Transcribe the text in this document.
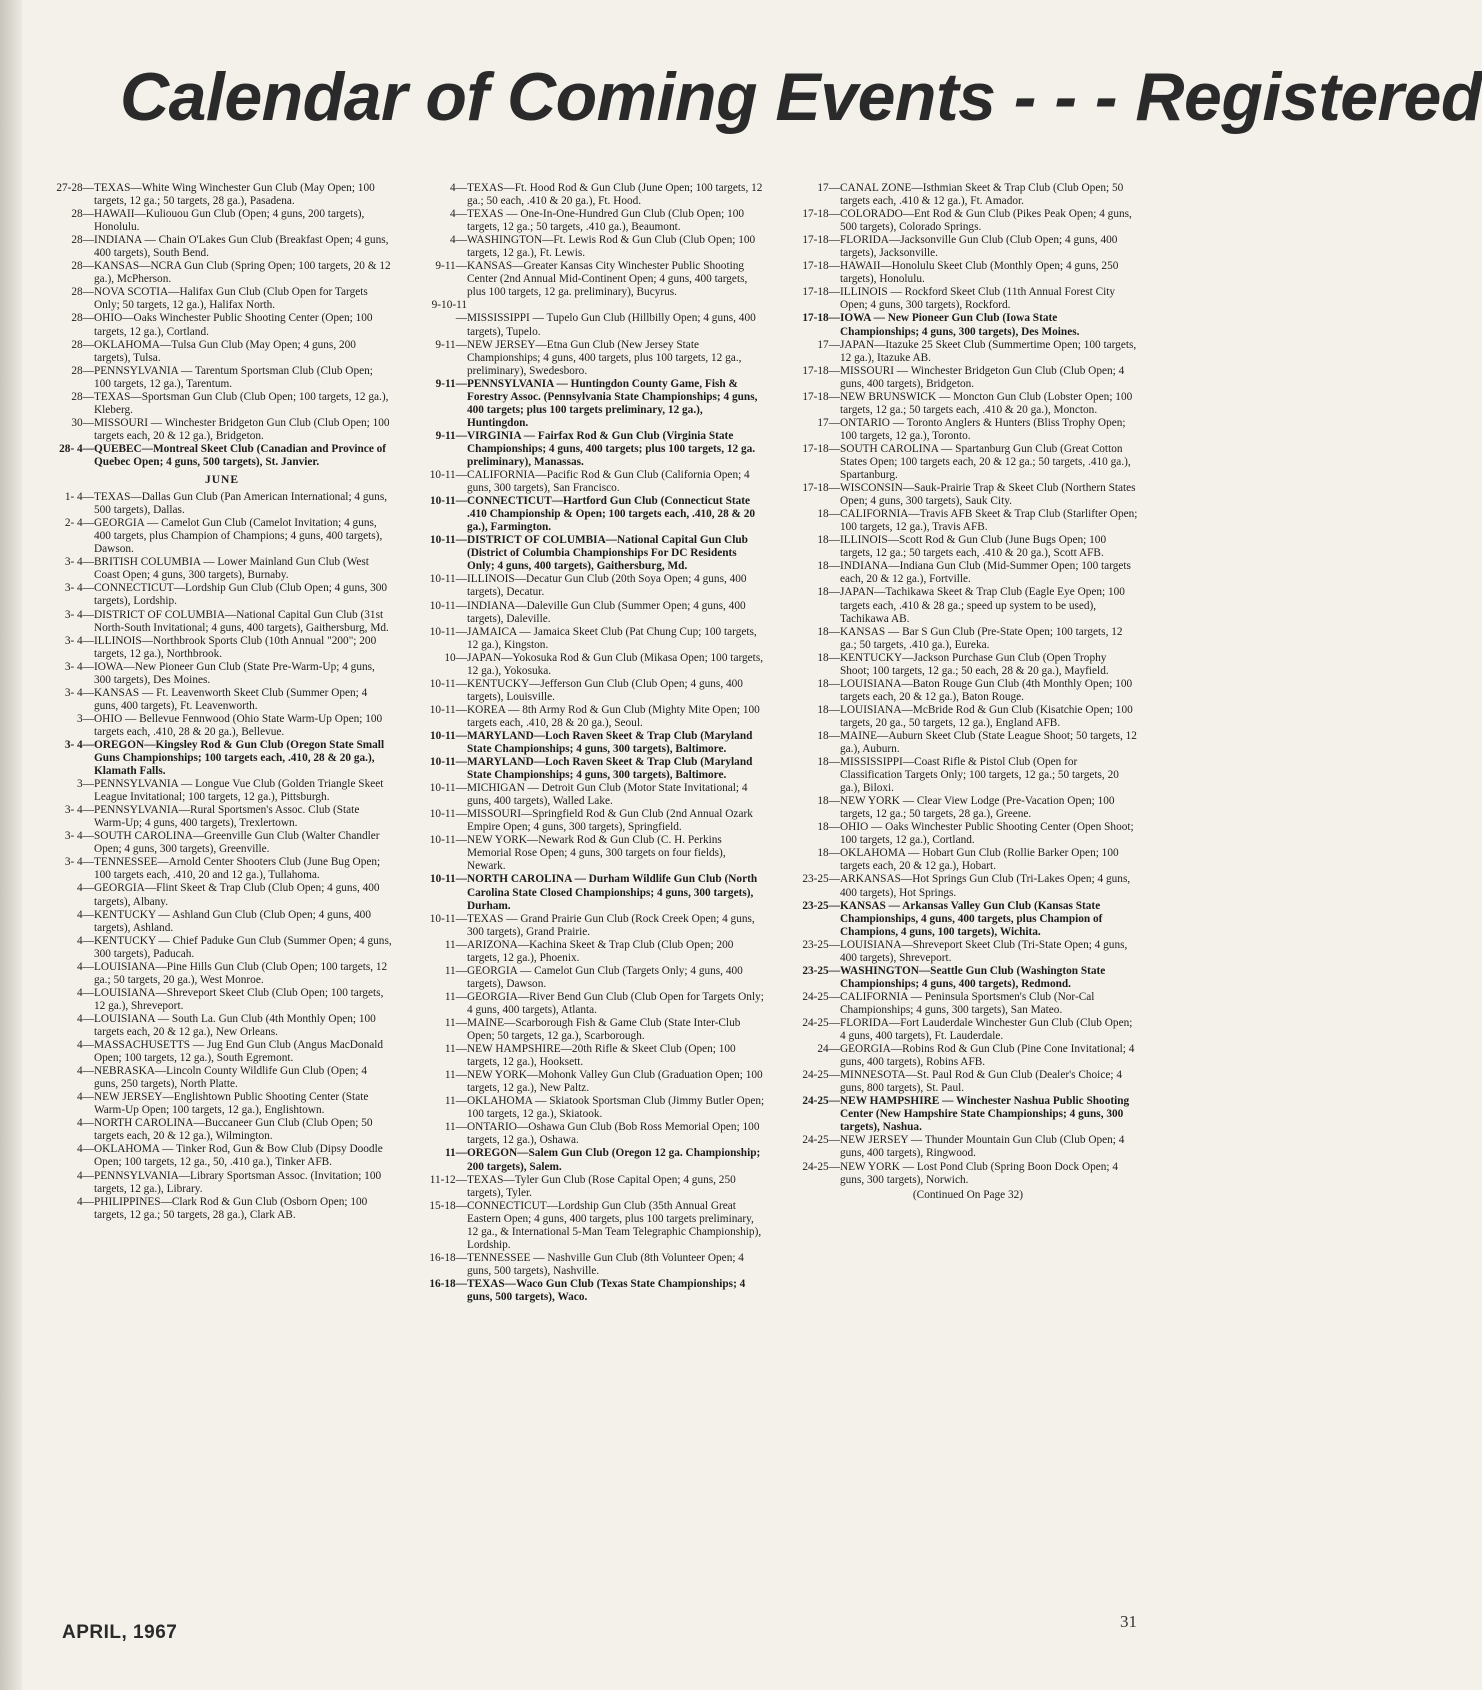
Calendar of Coming Events - - - Registered
27-28—TEXAS—White Wing Winchester Gun Club (May Open; 100 targets, 12 ga.; 50 targets, 28 ga.), Pasadena.
28—HAWAII—Kuliouou Gun Club (Open; 4 guns, 200 targets), Honolulu.
28—INDIANA — Chain O'Lakes Gun Club (Breakfast Open; 4 guns, 400 targets), South Bend.
28—KANSAS—NCRA Gun Club (Spring Open; 100 targets, 20 & 12 ga.), McPherson.
28—NOVA SCOTIA—Halifax Gun Club (Club Open for Targets Only; 50 targets, 12 ga.), Halifax North.
28—OHIO—Oaks Winchester Public Shooting Center (Open; 100 targets, 12 ga.), Cortland.
28—OKLAHOMA—Tulsa Gun Club (May Open; 4 guns, 200 targets), Tulsa.
28—PENNSYLVANIA — Tarentum Sportsman Club (Club Open; 100 targets, 12 ga.), Tarentum.
28—TEXAS—Sportsman Gun Club (Club Open; 100 targets, 12 ga.), Kleberg.
30—MISSOURI — Winchester Bridgeton Gun Club (Club Open; 100 targets each, 20 & 12 ga.), Bridgeton.
28- 4—QUEBEC—Montreal Skeet Club (Canadian and Province of Quebec Open; 4 guns, 500 targets), St. Janvier.
JUNE
1- 4—TEXAS—Dallas Gun Club (Pan American International; 4 guns, 500 targets), Dallas.
2- 4—GEORGIA — Camelot Gun Club (Camelot Invitation; 4 guns, 400 targets, plus Champion of Champions; 4 guns, 400 targets), Dawson.
3- 4—BRITISH COLUMBIA — Lower Mainland Gun Club (West Coast Open; 4 guns, 300 targets), Burnaby.
3- 4—CONNECTICUT—Lordship Gun Club (Club Open; 4 guns, 300 targets), Lordship.
3- 4—DISTRICT OF COLUMBIA—National Capital Gun Club (31st North-South Invitational; 4 guns, 400 targets), Gaithersburg, Md.
3- 4—ILLINOIS—Northbrook Sports Club (10th Annual "200"; 200 targets, 12 ga.), Northbrook.
3- 4—IOWA—New Pioneer Gun Club (State Pre-Warm-Up; 4 guns, 300 targets), Des Moines.
3- 4—KANSAS — Ft. Leavenworth Skeet Club (Summer Open; 4 guns, 400 targets), Ft. Leavenworth.
3—OHIO — Bellevue Fennwood (Ohio State Warm-Up Open; 100 targets each, .410, 28 & 20 ga.), Bellevue.
3- 4—OREGON—Kingsley Rod & Gun Club (Oregon State Small Guns Championships; 100 targets each, .410, 28 & 20 ga.), Klamath Falls.
3—PENNSYLVANIA — Longue Vue Club (Golden Triangle Skeet League Invitational; 100 targets, 12 ga.), Pittsburgh.
3- 4—PENNSYLVANIA—Rural Sportsmen's Assoc. Club (State Warm-Up; 4 guns, 400 targets), Trexlertown.
3- 4—SOUTH CAROLINA—Greenville Gun Club (Walter Chandler Open; 4 guns, 300 targets), Greenville.
3- 4—TENNESSEE—Arnold Center Shooters Club (June Bug Open; 100 targets each, .410, 20 and 12 ga.), Tullahoma.
4—GEORGIA—Flint Skeet & Trap Club (Club Open; 4 guns, 400 targets), Albany.
4—KENTUCKY — Ashland Gun Club (Club Open; 4 guns, 400 targets), Ashland.
4—KENTUCKY — Chief Paduke Gun Club (Summer Open; 4 guns, 300 targets), Paducah.
4—LOUISIANA—Pine Hills Gun Club (Club Open; 100 targets, 12 ga.; 50 targets, 20 ga.), West Monroe.
4—LOUISIANA—Shreveport Skeet Club (Club Open; 100 targets, 12 ga.), Shreveport.
4—LOUISIANA — South La. Gun Club (4th Monthly Open; 100 targets each, 20 & 12 ga.), New Orleans.
4—MASSACHUSETTS — Jug End Gun Club (Angus MacDonald Open; 100 targets, 12 ga.), South Egremont.
4—NEBRASKA—Lincoln County Wildlife Gun Club (Open; 4 guns, 250 targets), North Platte.
4—NEW JERSEY—Englishtown Public Shooting Center (State Warm-Up Open; 100 targets, 12 ga.), Englishtown.
4—NORTH CAROLINA—Buccaneer Gun Club (Club Open; 50 targets each, 20 & 12 ga.), Wilmington.
4—OKLAHOMA — Tinker Rod, Gun & Bow Club (Dipsy Doodle Open; 100 targets, 12 ga., 50, .410 ga.), Tinker AFB.
4—PENNSYLVANIA—Library Sportsman Assoc. (Invitation; 100 targets, 12 ga.), Library.
4—PHILIPPINES—Clark Rod & Gun Club (Osborn Open; 100 targets, 12 ga.; 50 targets, 28 ga.), Clark AB.
4—TEXAS—Ft. Hood Rod & Gun Club (June Open; 100 targets, 12 ga.; 50 each, .410 & 20 ga.), Ft. Hood.
4—TEXAS — One-In-One-Hundred Gun Club (Club Open; 100 targets, 12 ga.; 50 targets, .410 ga.), Beaumont.
4—WASHINGTON—Ft. Lewis Rod & Gun Club (Club Open; 100 targets, 12 ga.), Ft. Lewis.
9-11—KANSAS—Greater Kansas City Winchester Public Shooting Center (2nd Annual Mid-Continent Open; 4 guns, 400 targets, plus 100 targets, 12 ga. preliminary), Bucyrus.
9-10-11—MISSISSIPPI — Tupelo Gun Club (Hillbilly Open; 4 guns, 400 targets), Tupelo.
9-11—NEW JERSEY—Etna Gun Club (New Jersey State Championships; 4 guns, 400 targets, plus 100 targets, 12 ga., preliminary), Swedesboro.
9-11—PENNSYLVANIA — Huntingdon County Game, Fish & Forestry Assoc. (Pennsylvania State Championships; 4 guns, 400 targets; plus 100 targets preliminary, 12 ga.), Huntingdon.
9-11—VIRGINIA — Fairfax Rod & Gun Club (Virginia State Championships; 4 guns, 400 targets; plus 100 targets, 12 ga. preliminary), Manassas.
10-11—CALIFORNIA—Pacific Rod & Gun Club (California Open; 4 guns, 300 targets), San Francisco.
10-11—CONNECTICUT—Hartford Gun Club (Connecticut State .410 Championship & Open; 100 targets each, .410, 28 & 20 ga.), Farmington.
10-11—DISTRICT OF COLUMBIA—National Capital Gun Club (District of Columbia Championships For DC Residents Only; 4 guns, 400 targets), Gaithersburg, Md.
10-11—ILLINOIS—Decatur Gun Club (20th Soya Open; 4 guns, 400 targets), Decatur.
10-11—INDIANA—Daleville Gun Club (Summer Open; 4 guns, 400 targets), Daleville.
10-11—JAMAICA — Jamaica Skeet Club (Pat Chung Cup; 100 targets, 12 ga.), Kingston.
10—JAPAN—Yokosuka Rod & Gun Club (Mikasa Open; 100 targets, 12 ga.), Yokosuka.
10-11—KENTUCKY—Jefferson Gun Club (Club Open; 4 guns, 400 targets), Louisville.
10-11—KOREA — 8th Army Rod & Gun Club (Mighty Mite Open; 100 targets each, .410, 28 & 20 ga.), Seoul.
10-11—MARYLAND—Loch Raven Skeet & Trap Club (Maryland State Championships; 4 guns, 300 targets), Baltimore.
10-11—MARYLAND—Loch Raven Skeet & Trap Club (Maryland State Championships; 4 guns, 300 targets), Baltimore.
10-11—MICHIGAN — Detroit Gun Club (Motor State Invitational; 4 guns, 400 targets), Walled Lake.
10-11—MISSOURI—Springfield Rod & Gun Club (2nd Annual Ozark Empire Open; 4 guns, 300 targets), Springfield.
10-11—NEW YORK—Newark Rod & Gun Club (C. H. Perkins Memorial Rose Open; 4 guns, 300 targets on four fields), Newark.
10-11—NORTH CAROLINA — Durham Wildlife Gun Club (North Carolina State Closed Championships; 4 guns, 300 targets), Durham.
10-11—TEXAS — Grand Prairie Gun Club (Rock Creek Open; 4 guns, 300 targets), Grand Prairie.
11—ARIZONA—Kachina Skeet & Trap Club (Club Open; 200 targets, 12 ga.), Phoenix.
11—GEORGIA — Camelot Gun Club (Targets Only; 4 guns, 400 targets), Dawson.
11—GEORGIA—River Bend Gun Club (Club Open for Targets Only; 4 guns, 400 targets), Atlanta.
11—MAINE—Scarborough Fish & Game Club (State Inter-Club Open; 50 targets, 12 ga.), Scarborough.
11—NEW HAMPSHIRE—20th Rifle & Skeet Club (Open; 100 targets, 12 ga.), Hooksett.
11—NEW YORK—Mohonk Valley Gun Club (Graduation Open; 100 targets, 12 ga.), New Paltz.
11—OKLAHOMA — Skiatook Sportsman Club (Jimmy Butler Open; 100 targets, 12 ga.), Skiatook.
11—ONTARIO—Oshawa Gun Club (Bob Ross Memorial Open; 100 targets, 12 ga.), Oshawa.
11—OREGON—Salem Gun Club (Oregon 12 ga. Championship; 200 targets), Salem.
11-12—TEXAS—Tyler Gun Club (Rose Capital Open; 4 guns, 250 targets), Tyler.
15-18—CONNECTICUT—Lordship Gun Club (35th Annual Great Eastern Open; 4 guns, 400 targets, plus 100 targets preliminary, 12 ga., & International 5-Man Team Telegraphic Championship), Lordship.
16-18—TENNESSEE — Nashville Gun Club (8th Volunteer Open; 4 guns, 500 targets), Nashville.
16-18—TEXAS—Waco Gun Club (Texas State Championships; 4 guns, 500 targets), Waco.
17—CANAL ZONE—Isthmian Skeet & Trap Club (Club Open; 50 targets each, .410 & 12 ga.), Ft. Amador.
17-18—COLORADO—Ent Rod & Gun Club (Pikes Peak Open; 4 guns, 500 targets), Colorado Springs.
17-18—FLORIDA—Jacksonville Gun Club (Club Open; 4 guns, 400 targets), Jacksonville.
17-18—HAWAII—Honolulu Skeet Club (Monthly Open; 4 guns, 250 targets), Honolulu.
17-18—ILLINOIS — Rockford Skeet Club (11th Annual Forest City Open; 4 guns, 300 targets), Rockford.
17-18—IOWA — New Pioneer Gun Club (Iowa State Championships; 4 guns, 300 targets), Des Moines.
17—JAPAN—Itazuke 25 Skeet Club (Summertime Open; 100 targets, 12 ga.), Itazuke AB.
17-18—MISSOURI — Winchester Bridgeton Gun Club (Club Open; 4 guns, 400 targets), Bridgeton.
17-18—NEW BRUNSWICK — Moncton Gun Club (Lobster Open; 100 targets, 12 ga.; 50 targets each, .410 & 20 ga.), Moncton.
17—ONTARIO — Toronto Anglers & Hunters (Bliss Trophy Open; 100 targets, 12 ga.), Toronto.
17-18—SOUTH CAROLINA — Spartanburg Gun Club (Great Cotton States Open; 100 targets each, 20 & 12 ga.; 50 targets, .410 ga.), Spartanburg.
17-18—WISCONSIN—Sauk-Prairie Trap & Skeet Club (Northern States Open; 4 guns, 300 targets), Sauk City.
18—CALIFORNIA—Travis AFB Skeet & Trap Club (Starlifter Open; 100 targets, 12 ga.), Travis AFB.
18—ILLINOIS—Scott Rod & Gun Club (June Bugs Open; 100 targets, 12 ga.; 50 targets each, .410 & 20 ga.), Scott AFB.
18—INDIANA—Indiana Gun Club (Mid-Summer Open; 100 targets each, 20 & 12 ga.), Fortville.
18—JAPAN—Tachikawa Skeet & Trap Club (Eagle Eye Open; 100 targets each, .410 & 28 ga.; speed up system to be used), Tachikawa AB.
18—KANSAS — Bar S Gun Club (Pre-State Open; 100 targets, 12 ga.; 50 targets, .410 ga.), Eureka.
18—KENTUCKY—Jackson Purchase Gun Club (Open Trophy Shoot; 100 targets, 12 ga.; 50 each, 28 & 20 ga.), Mayfield.
18—LOUISIANA—Baton Rouge Gun Club (4th Monthly Open; 100 targets each, 20 & 12 ga.), Baton Rouge.
18—LOUISIANA—McBride Rod & Gun Club (Kisatchie Open; 100 targets, 20 ga., 50 targets, 12 ga.), England AFB.
18—MAINE—Auburn Skeet Club (State League Shoot; 50 targets, 12 ga.), Auburn.
18—MISSISSIPPI—Coast Rifle & Pistol Club (Open for Classification Targets Only; 100 targets, 12 ga.; 50 targets, 20 ga.), Biloxi.
18—NEW YORK — Clear View Lodge (Pre-Vacation Open; 100 targets, 12 ga.; 50 targets, 28 ga.), Greene.
18—OHIO — Oaks Winchester Public Shooting Center (Open Shoot; 100 targets, 12 ga.), Cortland.
18—OKLAHOMA — Hobart Gun Club (Rollie Barker Open; 100 targets each, 20 & 12 ga.), Hobart.
23-25—ARKANSAS—Hot Springs Gun Club (Tri-Lakes Open; 4 guns, 400 targets), Hot Springs.
23-25—KANSAS — Arkansas Valley Gun Club (Kansas State Championships, 4 guns, 400 targets, plus Champion of Champions, 4 guns, 100 targets), Wichita.
23-25—LOUISIANA—Shreveport Skeet Club (Tri-State Open; 4 guns, 400 targets), Shreveport.
23-25—WASHINGTON—Seattle Gun Club (Washington State Championships; 4 guns, 400 targets), Redmond.
24-25—CALIFORNIA — Peninsula Sportsmen's Club (Nor-Cal Championships; 4 guns, 300 targets), San Mateo.
24-25—FLORIDA—Fort Lauderdale Winchester Gun Club (Club Open; 4 guns, 400 targets), Ft. Lauderdale.
24—GEORGIA—Robins Rod & Gun Club (Pine Cone Invitational; 4 guns, 400 targets), Robins AFB.
24-25—MINNESOTA—St. Paul Rod & Gun Club (Dealer's Choice; 4 guns, 800 targets), St. Paul.
24-25—NEW HAMPSHIRE — Winchester Nashua Public Shooting Center (New Hampshire State Championships; 4 guns, 300 targets), Nashua.
24-25—NEW JERSEY — Thunder Mountain Gun Club (Club Open; 4 guns, 400 targets), Ringwood.
24-25—NEW YORK — Lost Pond Club (Spring Boon Dock Open; 4 guns, 300 targets), Norwich.
(Continued On Page 32)
APRIL, 1967
31
